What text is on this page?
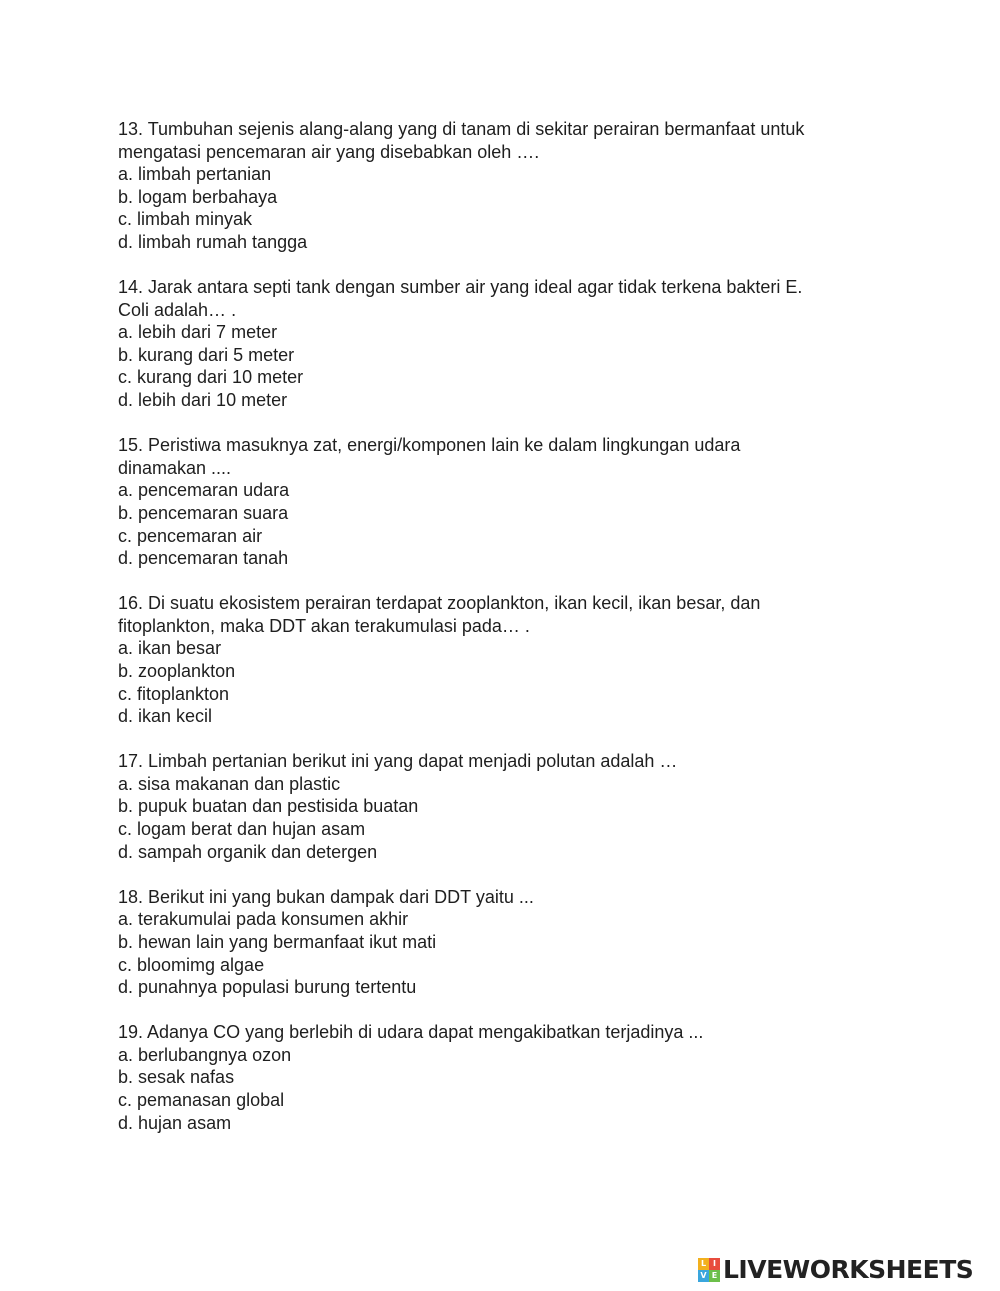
13. Tumbuhan sejenis alang-alang yang di tanam di sekitar perairan bermanfaat untuk

mengatasi pencemaran air yang disebabkan oleh ….

a. limbah pertanian

b. logam berbahaya

c. limbah minyak

d. limbah rumah tangga

14. Jarak antara septi tank dengan sumber air yang ideal agar tidak terkena bakteri E.

Coli adalah… .

a. lebih dari 7 meter

b. kurang dari 5 meter

c. kurang dari 10 meter

d. lebih dari 10 meter

15. Peristiwa masuknya zat, energi/komponen lain ke dalam lingkungan udara

dinamakan ....

a. pencemaran udara

b. pencemaran suara

c. pencemaran air

d. pencemaran tanah

16. Di suatu ekosistem perairan terdapat zooplankton, ikan kecil, ikan besar, dan

fitoplankton, maka DDT akan terakumulasi pada… .

a. ikan besar

b. zooplankton

c. fitoplankton

d. ikan kecil

17. Limbah pertanian berikut ini yang dapat menjadi polutan adalah …

a. sisa makanan dan plastic

b. pupuk buatan dan pestisida buatan

c. logam berat dan hujan asam

d. sampah organik dan detergen

18. Berikut ini yang bukan dampak dari DDT yaitu ...

a. terakumulai pada konsumen akhir

b. hewan lain yang bermanfaat ikut mati

c. bloomimg algae

d. punahnya populasi burung tertentu

19. Adanya CO yang berlebih di udara dapat mengakibatkan terjadinya ...

a. berlubangnya ozon

b. sesak nafas

c. pemanasan global

d. hujan asam

L I
V E LIVEWORKSHEETS
